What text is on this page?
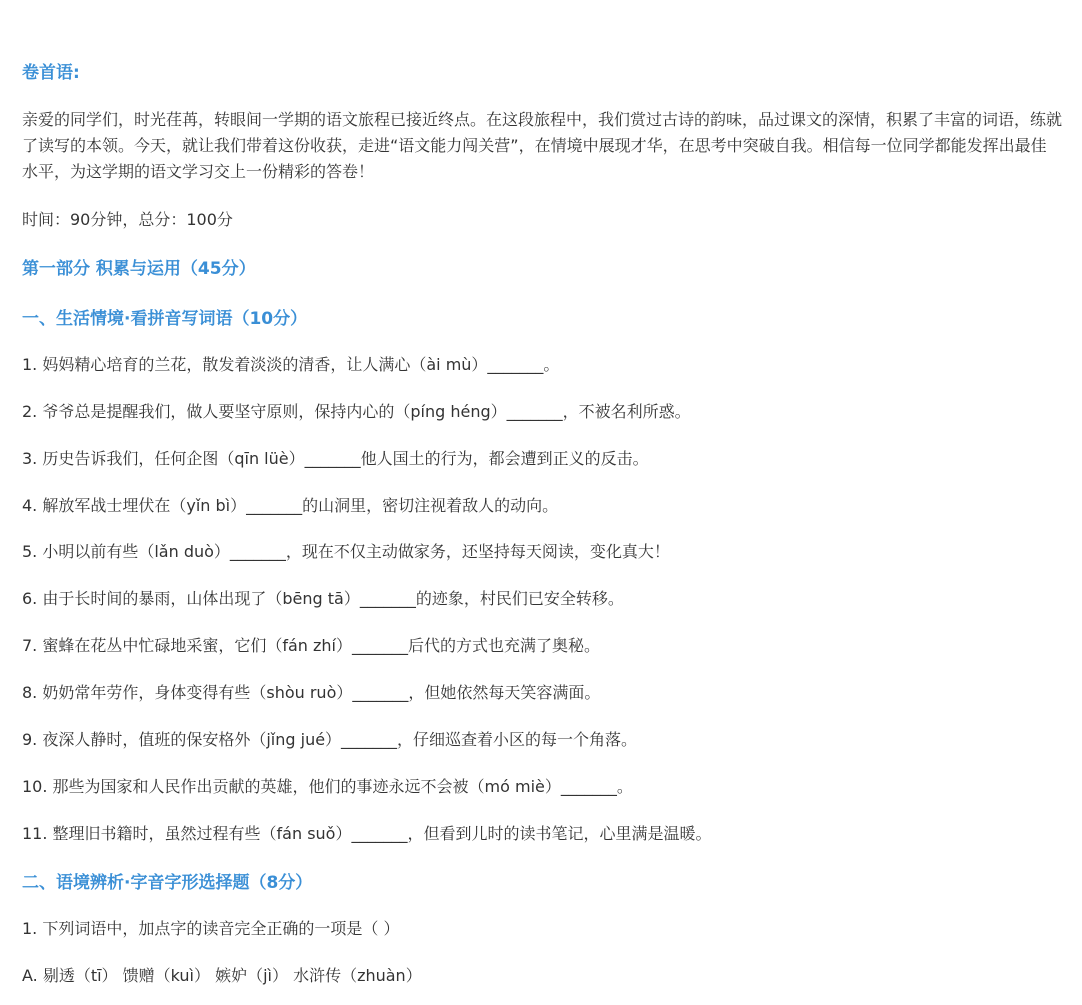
卷首语:

亲爱的同学们，时光荏苒，转眼间一学期的语文旅程已接近终点。在这段旅程中，我们赏过古诗的韵味，品过课文的深情，积累了丰富的词语，练就了读写的本领。今天，就让我们带着这份收获，走进“语文能力闯关营”，在情境中展现才华，在思考中突破自我。相信每一位同学都能发挥出最佳水平，为这学期的语文学习交上一份精彩的答卷！

时间：90分钟，总分：100分

第一部分 积累与运用（45分）

一、生活情境·看拼音写词语（10分）

1. 妈妈精心培育的兰花，散发着淡淡的清香，让人满心（ài mù）_______。

2. 爷爷总是提醒我们，做人要坚守原则，保持内心的（píng héng）_______，不被名利所惑。

3. 历史告诉我们，任何企图（qīn lüè）_______他人国土的行为，都会遭到正义的反击。

4. 解放军战士埋伏在（yǐn bì）_______的山洞里，密切注视着敌人的动向。

5. 小明以前有些（lǎn duò）_______，现在不仅主动做家务，还坚持每天阅读，变化真大！

6. 由于长时间的暴雨，山体出现了（bēng tā）_______的迹象，村民们已安全转移。

7. 蜜蜂在花丛中忙碌地采蜜，它们（fán zhí）_______后代的方式也充满了奥秘。

8. 奶奶常年劳作，身体变得有些（shòu ruò）_______，但她依然每天笑容满面。

9. 夜深人静时，值班的保安格外（jǐng jué）_______，仔细巡查着小区的每一个角落。

10. 那些为国家和人民作出贡献的英雄，他们的事迹永远不会被（mó miè）_______。

11. 整理旧书籍时，虽然过程有些（fán suǒ）_______，但看到儿时的读书笔记，心里满是温暖。

二、语境辨析·字音字形选择题（8分）

1. 下列词语中，加点字的读音完全正确的一项是（ ）

A. 剔透（tī） 馈赠（kuì） 嫉妒（jì） 水浒传（zhuàn）
